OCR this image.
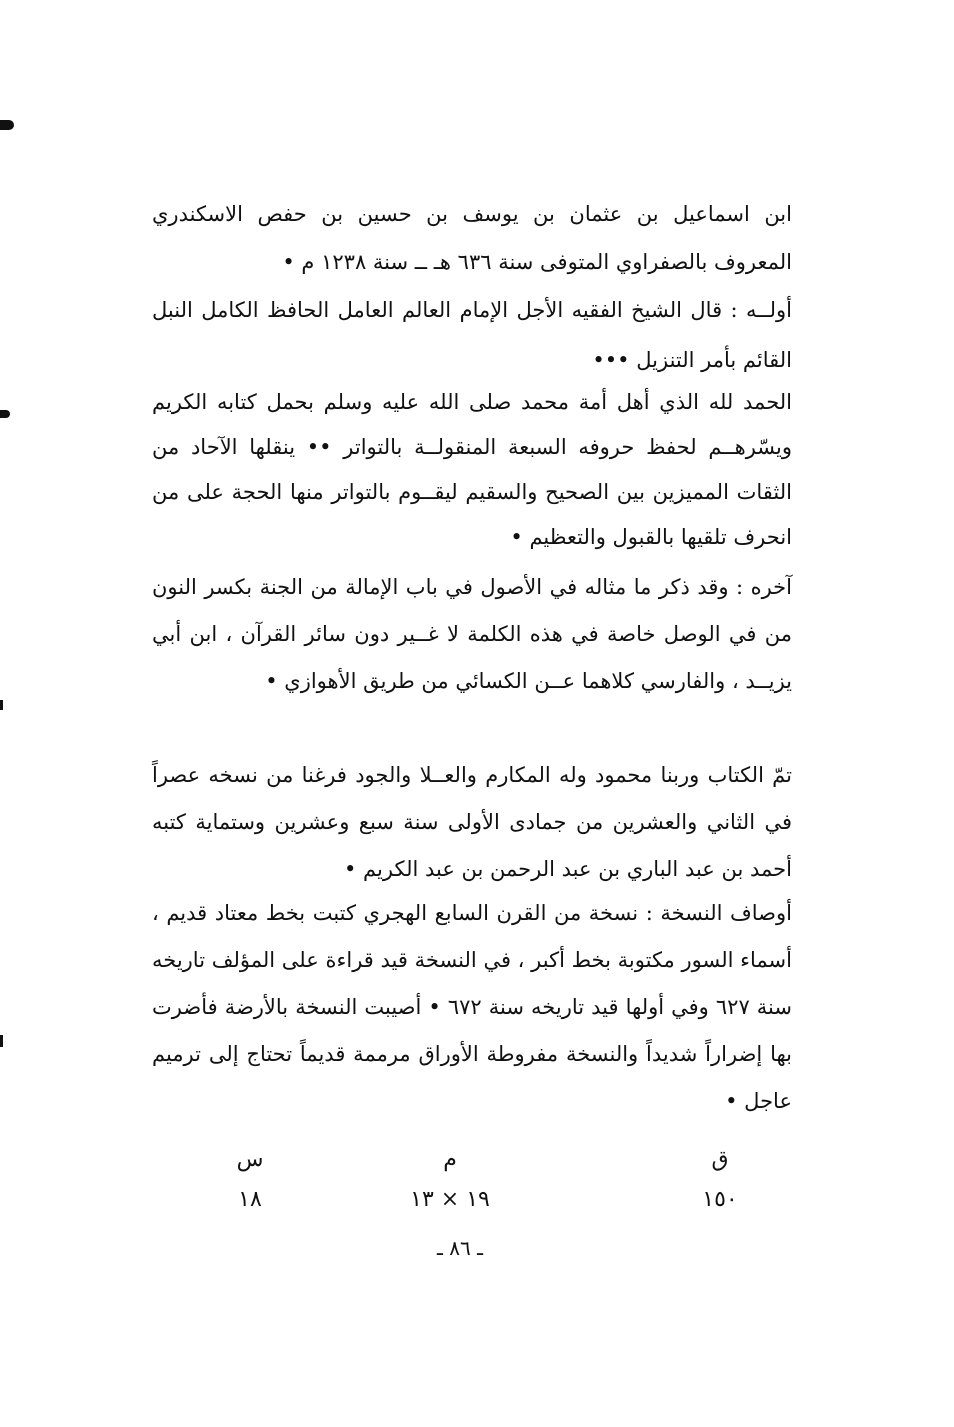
ابن اسماعيل بن عثمان بن يوسف بن حسين بن حفص الاسكندري المعروف بالصفراوي المتوفى سنة ٦٣٦ هـ ــ سنة ١٢٣٨ م •
أولــه : قال الشيخ الفقيه الأجل الإمام العالم العامل الحافظ الكامل النبل القائم بأمر التنزيل •••
الحمد لله الذي أهل أمة محمد صلى الله عليه وسلم بحمل كتابه الكريم ويسّرهــم لحفظ حروفه السبعة المنقولــة بالتواتر •• ينقلها الآحاد من الثقات المميزين بين الصحيح والسقيم ليقــوم بالتواتر منها الحجة على من انحرف تلقيها بالقبول والتعظيم •
آخره : وقد ذكر ما مثاله في الأصول في باب الإمالة من الجنة بكسر النون من في الوصل خاصة في هذه الكلمة لا غــير دون سائر القرآن ، ابن أبي يزيــد ، والفارسي كلاهما عــن الكسائي من طريق الأهوازي •
تمّ الكتاب وربنا محمود وله المكارم والعــلا والجود فرغنا من نسخه عصراً في الثاني والعشرين من جمادى الأولى سنة سبع وعشرين وستماية كتبه أحمد بن عبد الباري بن عبد الرحمن بن عبد الكريم •
أوصاف النسخة : نسخة من القرن السابع الهجري كتبت بخط معتاد قديم ، أسماء السور مكتوبة بخط أكبر ، في النسخة قيد قراءة على المؤلف تاريخه سنة ٦٢٧ وفي أولها قيد تاريخه سنة ٦٧٢ • أصيبت النسخة بالأرضة فأضرت بها إضراراً شديداً والنسخة مفروطة الأوراق مرممة قديماً تحتاج إلى ترميم عاجل •
ق
١٥٠
م
١٩ × ١٣
س
١٨
ـ ٨٦ ـ
